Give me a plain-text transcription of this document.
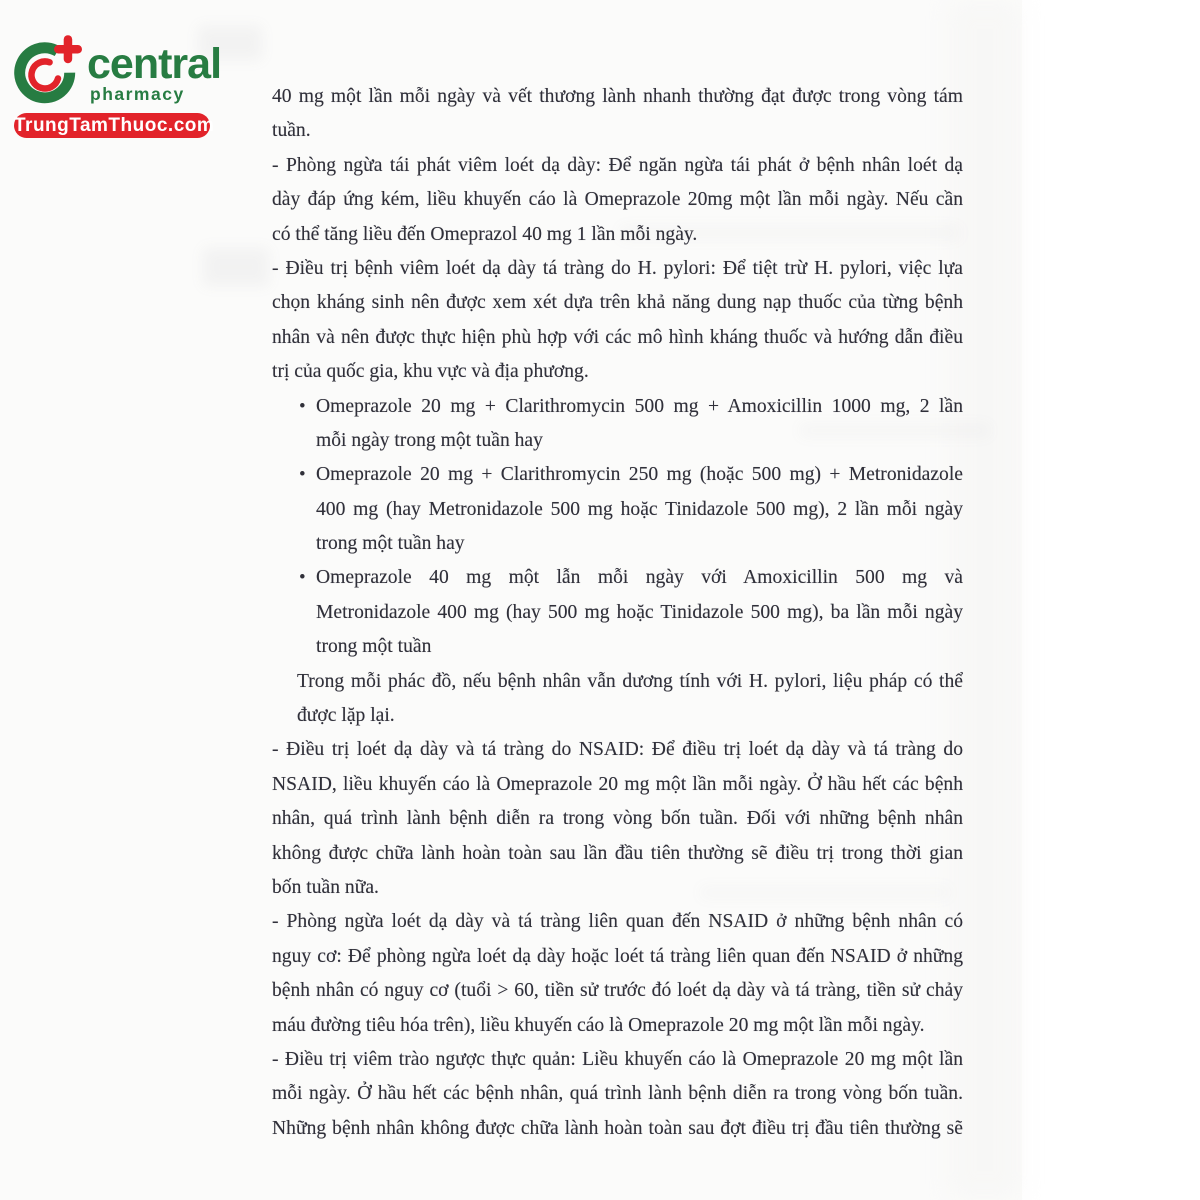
central
pharmacy
TrungTamThuoc.com
40 mg một lần mỗi ngày và vết thương lành nhanh thường đạt được trong vòng tám
tuần.
- Phòng ngừa tái phát viêm loét dạ dày: Để ngăn ngừa tái phát ở bệnh nhân loét dạ
dày đáp ứng kém, liều khuyến cáo là Omeprazole 20mg một lần mỗi ngày. Nếu cần
có thể tăng liều đến Omeprazol 40 mg 1 lần mỗi ngày.
- Điều trị bệnh viêm loét dạ dày tá tràng do H. pylori: Để tiệt trừ H. pylori, việc lựa
chọn kháng sinh nên được xem xét dựa trên khả năng dung nạp thuốc của từng bệnh
nhân và nên được thực hiện phù hợp với các mô hình kháng thuốc và hướng dẫn điều
trị của quốc gia, khu vực và địa phương.
Omeprazole 20 mg + Clarithromycin 500 mg + Amoxicillin 1000 mg, 2 lần
mỗi ngày trong một tuần hay
•
Omeprazole 20 mg + Clarithromycin 250 mg (hoặc 500 mg) + Metronidazole
400 mg (hay Metronidazole 500 mg hoặc Tinidazole 500 mg), 2 lần mỗi ngày
trong một tuần hay
•
Omeprazole 40 mg một lẫn mỗi ngày với Amoxicillin 500 mg và
Metronidazole 400 mg (hay 500 mg hoặc Tinidazole 500 mg), ba lần mỗi ngày
trong một tuần
•
Trong mỗi phác đồ, nếu bệnh nhân vẫn dương tính với H. pylori, liệu pháp có thể
được lặp lại.
- Điều trị loét dạ dày và tá tràng do NSAID: Để điều trị loét dạ dày và tá tràng do
NSAID, liều khuyến cáo là Omeprazole 20 mg một lần mỗi ngày. Ở hầu hết các bệnh
nhân, quá trình lành bệnh diễn ra trong vòng bốn tuần. Đối với những bệnh nhân
không được chữa lành hoàn toàn sau lần đầu tiên thường sẽ điều trị trong thời gian
bốn tuần nữa.
- Phòng ngừa loét dạ dày và tá tràng liên quan đến NSAID ở những bệnh nhân có
nguy cơ: Để phòng ngừa loét dạ dày hoặc loét tá tràng liên quan đến NSAID ở những
bệnh nhân có nguy cơ (tuổi > 60, tiền sử trước đó loét dạ dày và tá tràng, tiền sử chảy
máu đường tiêu hóa trên), liều khuyến cáo là Omeprazole 20 mg một lần mỗi ngày.
- Điều trị viêm trào ngược thực quản: Liều khuyến cáo là Omeprazole 20 mg một lần
mỗi ngày. Ở hầu hết các bệnh nhân, quá trình lành bệnh diễn ra trong vòng bốn tuần.
Những bệnh nhân không được chữa lành hoàn toàn sau đợt điều trị đầu tiên thường sẽ
